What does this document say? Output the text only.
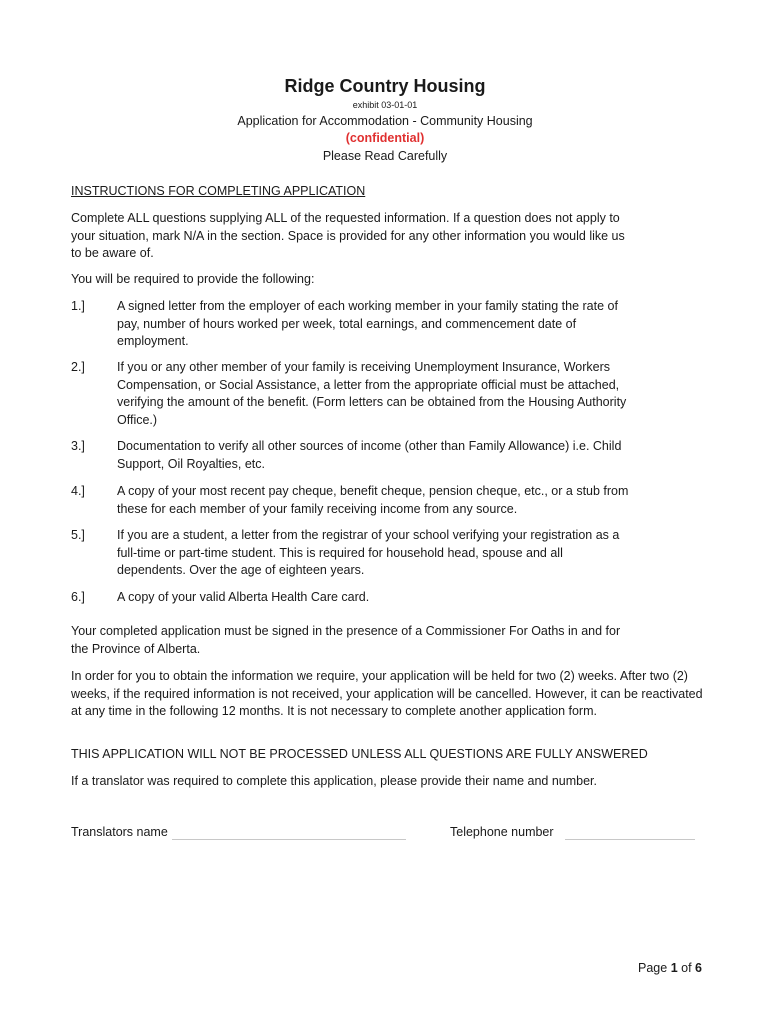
Ridge Country Housing
exhibit 03-01-01
Application for Accommodation - Community Housing
(confidential)
Please Read Carefully
INSTRUCTIONS FOR COMPLETING APPLICATION
Complete ALL questions supplying ALL of the requested information. If a question does not apply to your situation, mark N/A in the section. Space is provided for any other information you would like us to be aware of.
You will be required to provide the following:
1.]	A signed letter from the employer of each working member in your family stating the rate of pay, number of hours worked per week, total earnings, and commencement date of employment.
2.]	If you or any other member of your family is receiving Unemployment Insurance, Workers Compensation, or Social Assistance, a letter from the appropriate official must be attached, verifying the amount of the benefit. (Form letters can be obtained from the Housing Authority Office.)
3.]	Documentation to verify all other sources of income (other than Family Allowance) i.e. Child Support, Oil Royalties, etc.
4.]	A copy of your most recent pay cheque, benefit cheque, pension cheque, etc., or a stub from these for each member of your family receiving income from any source.
5.]	If you are a student, a letter from the registrar of your school verifying your registration as a full-time or part-time student. This is required for household head, spouse and all dependents. Over the age of eighteen years.
6.]	A copy of your valid Alberta Health Care card.
Your completed application must be signed in the presence of a Commissioner For Oaths in and for the Province of Alberta.
In order for you to obtain the information we require, your application will be held for two (2) weeks. After two (2) weeks, if the required information is not received, your application will be cancelled. However, it can be reactivated at any time in the following 12 months. It is not necessary to complete another application form.
THIS APPLICATION WILL NOT BE PROCESSED UNLESS ALL QUESTIONS ARE FULLY ANSWERED
If a translator was required to complete this application, please provide their name and number.
Translators name	Telephone number
Page 1 of 6
